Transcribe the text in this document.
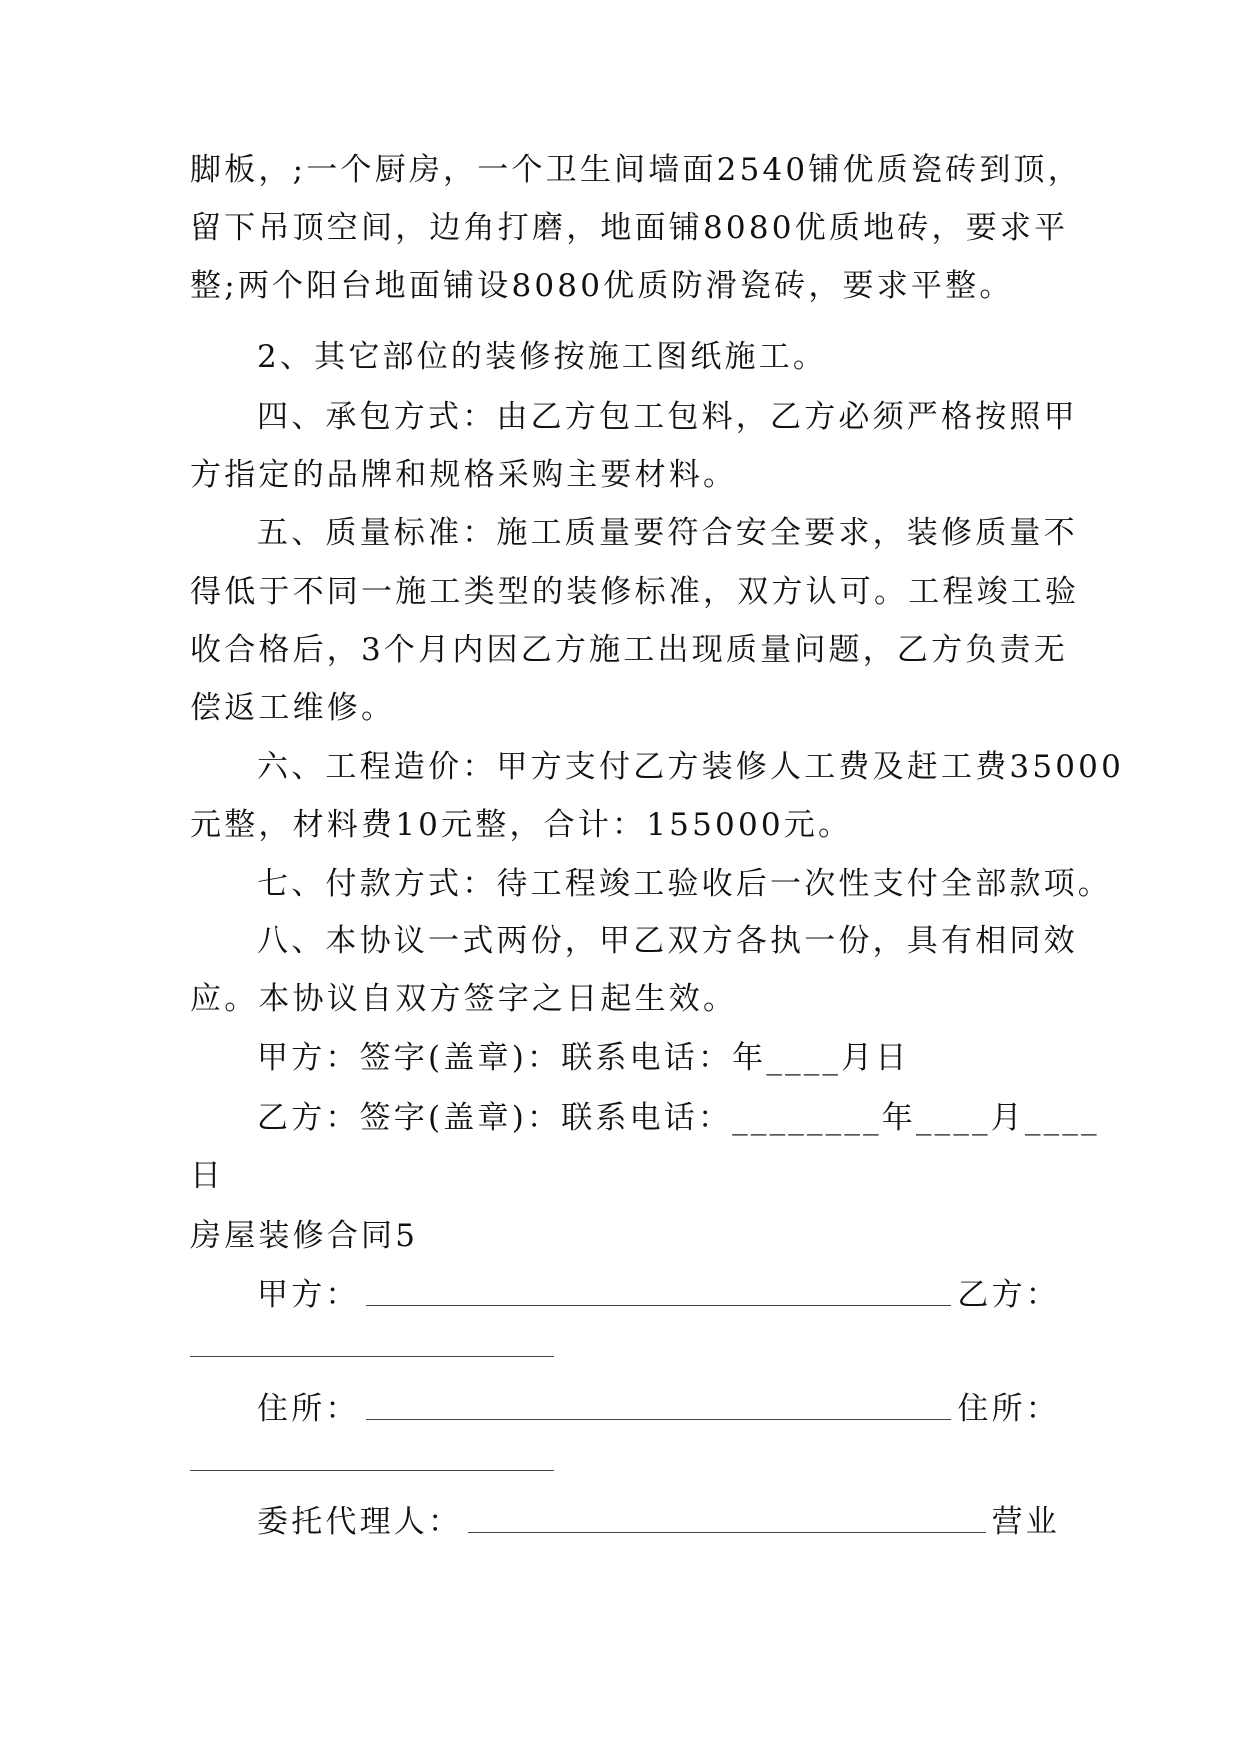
脚板，;一个厨房，一个卫生间墙面2540铺优质瓷砖到顶，
留下吊顶空间，边角打磨，地面铺8080优质地砖，要求平
整;两个阳台地面铺设8080优质防滑瓷砖，要求平整。
2、其它部位的装修按施工图纸施工。
四、承包方式：由乙方包工包料，乙方必须严格按照甲
方指定的品牌和规格采购主要材料。
五、质量标准：施工质量要符合安全要求，装修质量不
得低于不同一施工类型的装修标准，双方认可。工程竣工验
收合格后，3个月内因乙方施工出现质量问题，乙方负责无
偿返工维修。
六、工程造价：甲方支付乙方装修人工费及赶工费35000
元整，材料费10元整，合计：155000元。
七、付款方式：待工程竣工验收后一次性支付全部款项。
八、本协议一式两份，甲乙双方各执一份，具有相同效
应。本协议自双方签字之日起生效。
甲方：签字(盖章)：联系电话：年____月日
乙方：签字(盖章)：联系电话：________年____月____
日
房屋装修合同5
甲方：	乙方：
住所：	住所：
委托代理人：	营业
